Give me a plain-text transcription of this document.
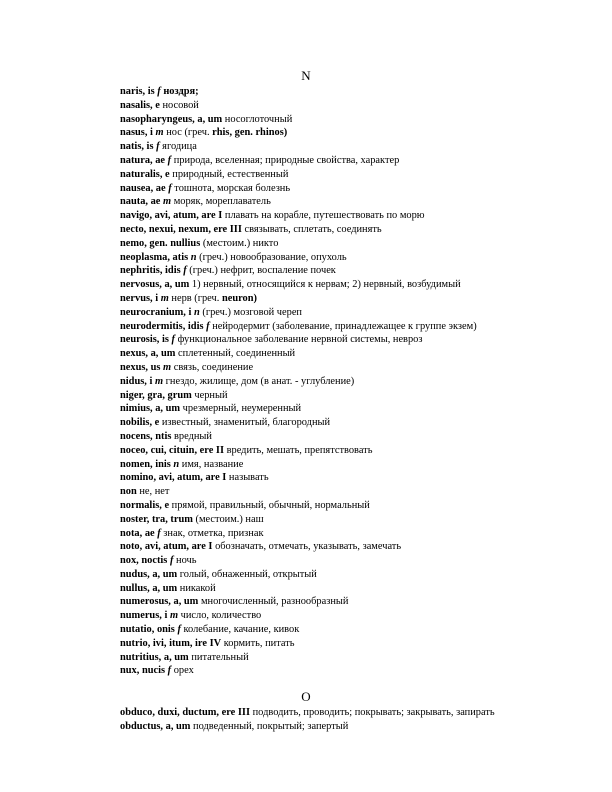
N
naris, is f ноздря;
nasalis, e носовой
nasopharyngeus, a, um носоглоточный
nasus, i m нос (греч. rhis, gen. rhinos)
natis, is f ягодица
natura, ae f природа, вселенная; природные свойства, характер
naturalis, e природный, естественный
nausea, ae f тошнота, морская болезнь
nauta, ae m моряк, мореплаватель
navigo, avi, atum, are I плавать на корабле, путешествовать по морю
necto, nexui, nexum, ere III связывать, сплетать, соединять
nemo, gen. nullius (местоим.) никто
neoplasma, atis n (греч.) новообразование, опухоль
nephritis, idis f (греч.) нефрит, воспаление почек
nervosus, a, um 1) нервный, относящийся к нервам; 2) нервный, возбудимый
nervus, i m нерв (греч. neuron)
neurocranium, i n (греч.) мозговой череп
neurodermitis, idis f нейродермит (заболевание, принадлежащее к группе экзем)
neurosis, is f функциональное заболевание нервной системы, невроз
nexus, a, um сплетенный, соединенный
nexus, us m связь, соединение
nidus, i m гнездо, жилище, дом (в анат. - углубление)
niger, gra, grum черный
nimius, a, um чрезмерный, неумеренный
nobilis, e известный, знаменитый, благородный
nocens, ntis вредный
noceo, cui, cituin, ere II вредить, мешать, препятствовать
nomen, inis n имя, название
nomino, avi, atum, are I называть
non не, нет
normalis, e прямой, правильный, обычный, нормальный
noster, tra, trum (местоим.) наш
nota, ae f знак, отметка, признак
noto, avi, atum, are I обозначать, отмечать, указывать, замечать
nox, noctis f ночь
nudus, a, um голый, обнаженный, открытый
nullus, a, um никакой
numerosus, a, um многочисленный, разнообразный
numerus, i m число, количество
nutatio, onis f колебание, качание, кивок
nutrio, ivi, itum, ire IV кормить, питать
nutritius, a, um питательный
nux, nucis f орех
O
obduco, duxi, ductum, ere III подводить, проводить; покрывать; закрывать, запирать
obductus, a, um подведенный, покрытый; запертый
